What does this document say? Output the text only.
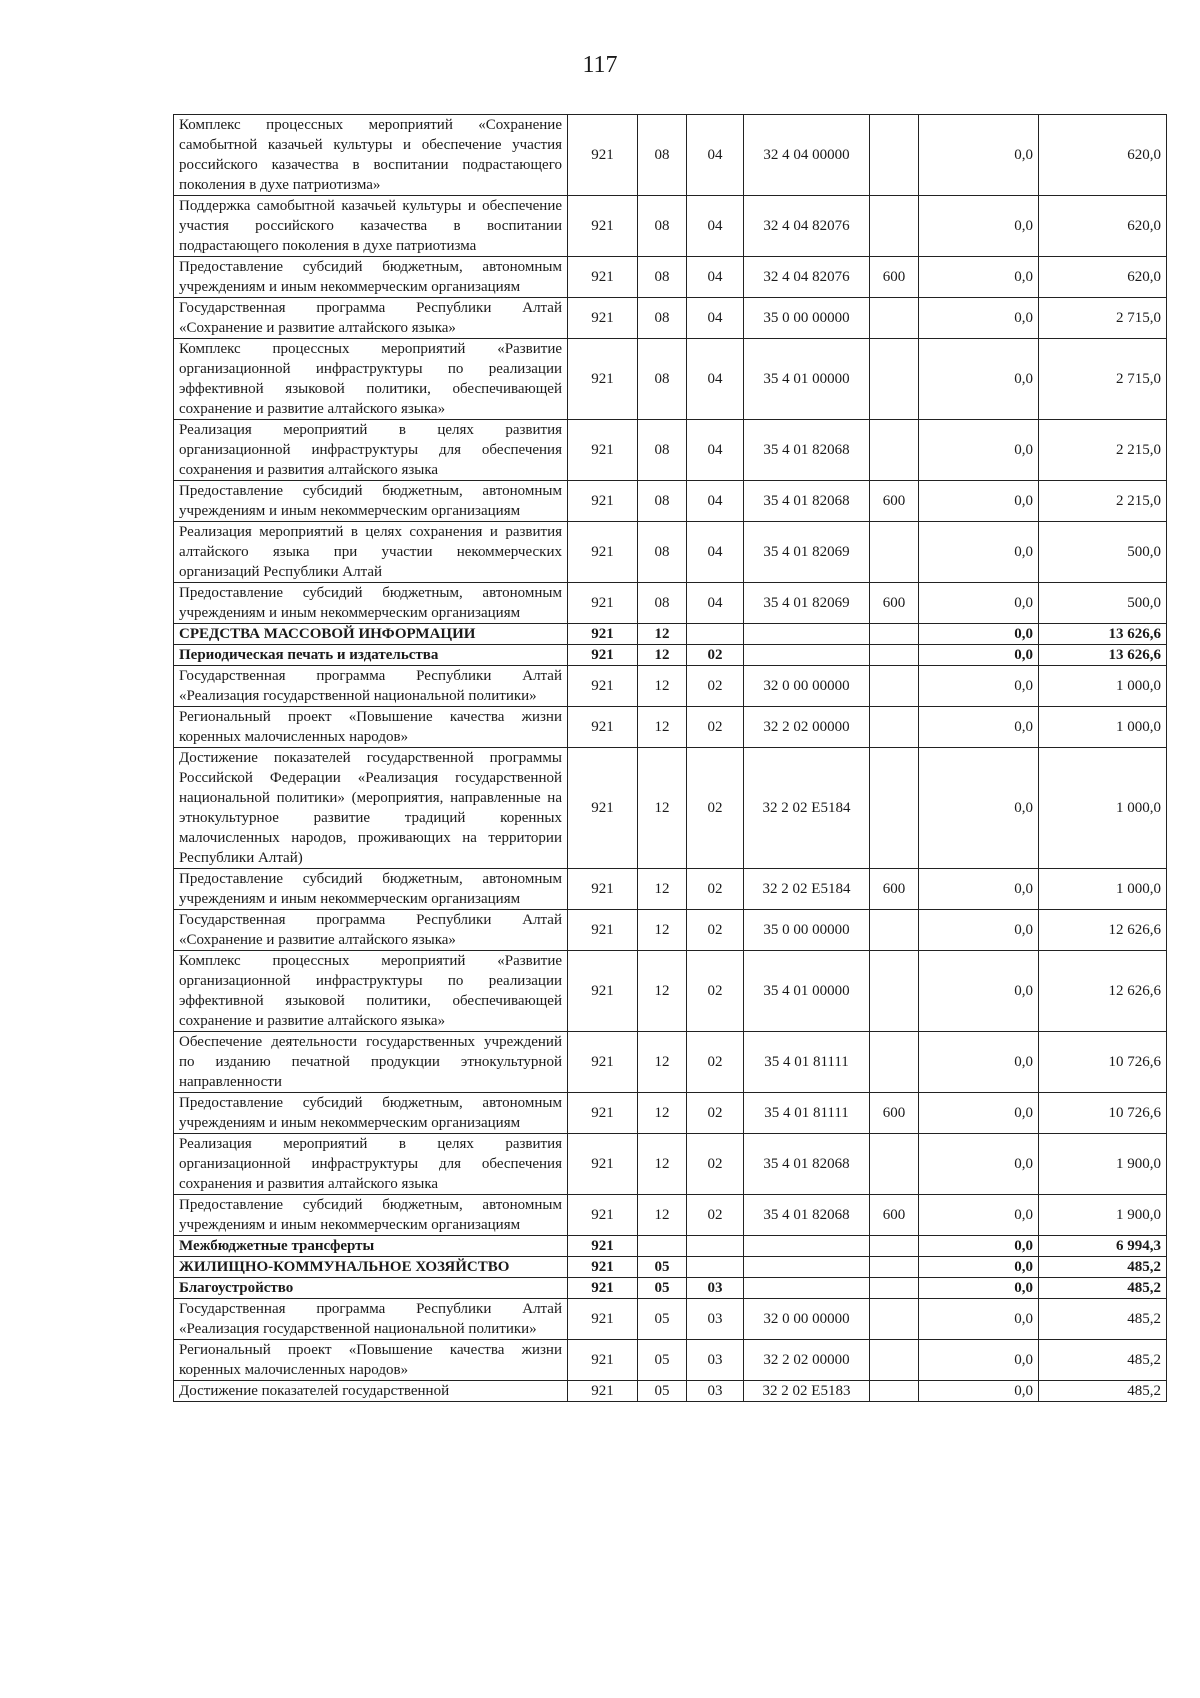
117
Комплекс процессных мероприятий «Сохранение самобытной казачьей культуры и обеспечение участия российского казачества в воспитании подрастающего поколения в духе патриотизма»	921	08	04	32 4 04 00000		0,0	620,0
Поддержка самобытной казачьей культуры и обеспечение участия российского казачества в воспитании подрастающего поколения в духе патриотизма	921	08	04	32 4 04 82076		0,0	620,0
Предоставление субсидий бюджетным, автономным учреждениям и иным некоммерческим организациям	921	08	04	32 4 04 82076	600	0,0	620,0
Государственная программа Республики Алтай «Сохранение и развитие алтайского языка»	921	08	04	35 0 00 00000		0,0	2 715,0
Комплекс процессных мероприятий «Развитие организационной инфраструктуры по реализации эффективной языковой политики, обеспечивающей сохранение и развитие алтайского языка»	921	08	04	35 4 01 00000		0,0	2 715,0
Реализация мероприятий в целях развития организационной инфраструктуры для обеспечения сохранения и развития алтайского языка	921	08	04	35 4 01 82068		0,0	2 215,0
Предоставление субсидий бюджетным, автономным учреждениям и иным некоммерческим организациям	921	08	04	35 4 01 82068	600	0,0	2 215,0
Реализация мероприятий в целях сохранения и развития алтайского языка при участии некоммерческих организаций Республики Алтай	921	08	04	35 4 01 82069		0,0	500,0
Предоставление субсидий бюджетным, автономным учреждениям и иным некоммерческим организациям	921	08	04	35 4 01 82069	600	0,0	500,0
СРЕДСТВА МАССОВОЙ ИНФОРМАЦИИ	921	12				0,0	13 626,6
Периодическая печать и издательства	921	12	02			0,0	13 626,6
Государственная программа Республики Алтай «Реализация государственной национальной политики»	921	12	02	32 0 00 00000		0,0	1 000,0
Региональный проект «Повышение качества жизни коренных малочисленных народов»	921	12	02	32 2 02 00000		0,0	1 000,0
Достижение показателей государственной программы Российской Федерации «Реализация государственной национальной политики» (мероприятия, направленные на этнокультурное развитие традиций коренных малочисленных народов, проживающих на территории Республики Алтай)	921	12	02	32 2 02 E5184		0,0	1 000,0
Предоставление субсидий бюджетным, автономным учреждениям и иным некоммерческим организациям	921	12	02	32 2 02 E5184	600	0,0	1 000,0
Государственная программа Республики Алтай «Сохранение и развитие алтайского языка»	921	12	02	35 0 00 00000		0,0	12 626,6
Комплекс процессных мероприятий «Развитие организационной инфраструктуры по реализации эффективной языковой политики, обеспечивающей сохранение и развитие алтайского языка»	921	12	02	35 4 01 00000		0,0	12 626,6
Обеспечение деятельности государственных учреждений по изданию печатной продукции этнокультурной направленности	921	12	02	35 4 01 81111		0,0	10 726,6
Предоставление субсидий бюджетным, автономным учреждениям и иным некоммерческим организациям	921	12	02	35 4 01 81111	600	0,0	10 726,6
Реализация мероприятий в целях развития организационной инфраструктуры для обеспечения сохранения и развития алтайского языка	921	12	02	35 4 01 82068		0,0	1 900,0
Предоставление субсидий бюджетным, автономным учреждениям и иным некоммерческим организациям	921	12	02	35 4 01 82068	600	0,0	1 900,0
Межбюджетные трансферты	921					0,0	6 994,3
ЖИЛИЩНО-КОММУНАЛЬНОЕ ХОЗЯЙСТВО	921	05				0,0	485,2
Благоустройство	921	05	03			0,0	485,2
Государственная программа Республики Алтай «Реализация государственной национальной политики»	921	05	03	32 0 00 00000		0,0	485,2
Региональный проект «Повышение качества жизни коренных малочисленных народов»	921	05	03	32 2 02 00000		0,0	485,2
Достижение показателей государственной	921	05	03	32 2 02 E5183		0,0	485,2
